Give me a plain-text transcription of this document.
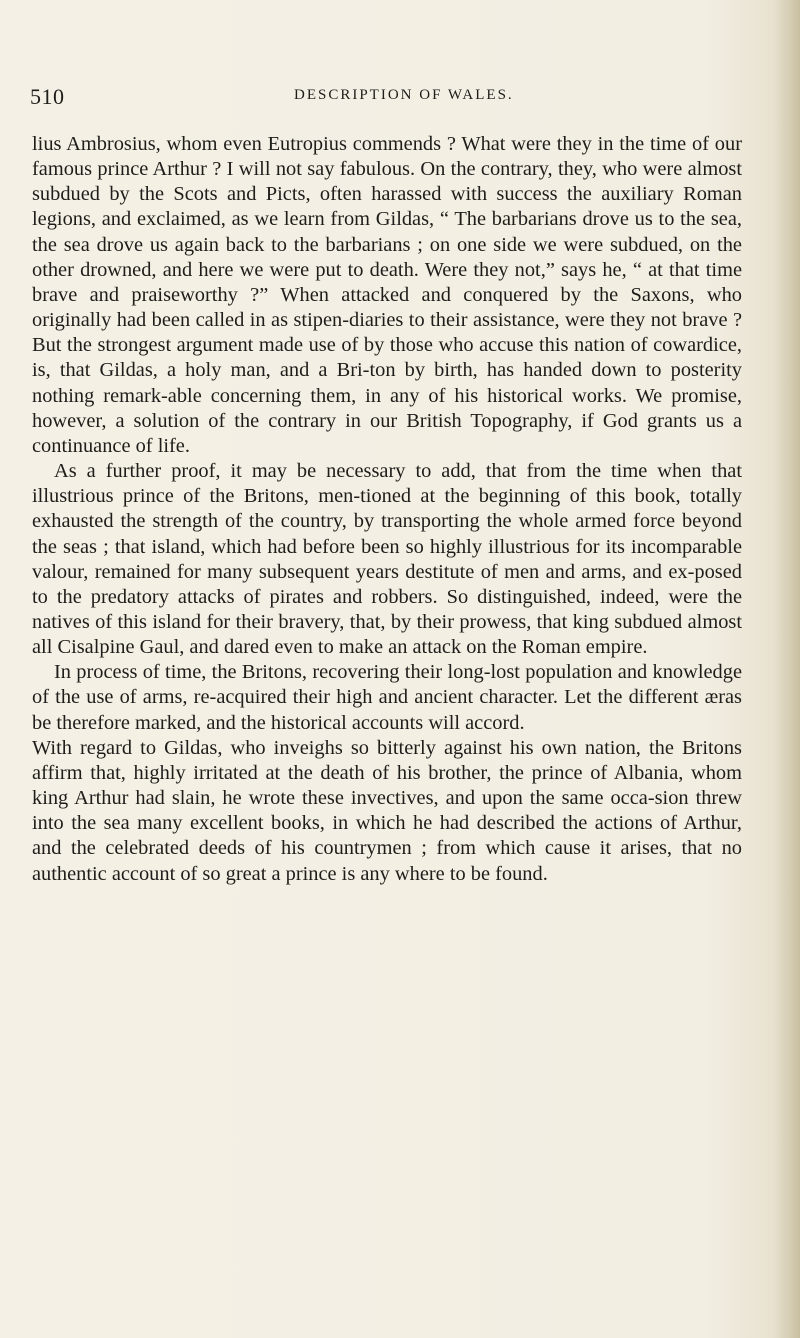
510	DESCRIPTION OF WALES.

lius Ambrosius, whom even Eutropius commends ? What were they in the time of our famous prince Arthur ? I will not say fabulous. On the contrary, they, who were almost subdued by the Scots and Picts, often harassed with success the auxiliary Roman legions, and exclaimed, as we learn from Gildas, “ The barbarians drove us to the sea, the sea drove us again back to the barbarians ; on one side we were subdued, on the other drowned, and here we were put to death. Were they not,” says he, “ at that time brave and praiseworthy ?” When attacked and conquered by the Saxons, who originally had been called in as stipen-diaries to their assistance, were they not brave ? But the strongest argument made use of by those who accuse this nation of cowardice, is, that Gildas, a holy man, and a Bri-ton by birth, has handed down to posterity nothing remark-able concerning them, in any of his historical works. We promise, however, a solution of the contrary in our British Topography, if God grants us a continuance of life.

As a further proof, it may be necessary to add, that from the time when that illustrious prince of the Britons, men-tioned at the beginning of this book, totally exhausted the strength of the country, by transporting the whole armed force beyond the seas ; that island, which had before been so highly illustrious for its incomparable valour, remained for many subsequent years destitute of men and arms, and ex-posed to the predatory attacks of pirates and robbers. So distinguished, indeed, were the natives of this island for their bravery, that, by their prowess, that king subdued almost all Cisalpine Gaul, and dared even to make an attack on the Roman empire.

In process of time, the Britons, recovering their long-lost population and knowledge of the use of arms, re-acquired their high and ancient character. Let the different æras be therefore marked, and the historical accounts will accord.

With regard to Gildas, who inveighs so bitterly against his own nation, the Britons affirm that, highly irritated at the death of his brother, the prince of Albania, whom king Arthur had slain, he wrote these invectives, and upon the same occa-sion threw into the sea many excellent books, in which he had described the actions of Arthur, and the celebrated deeds of his countrymen ; from which cause it arises, that no authentic account of so great a prince is any where to be found.
